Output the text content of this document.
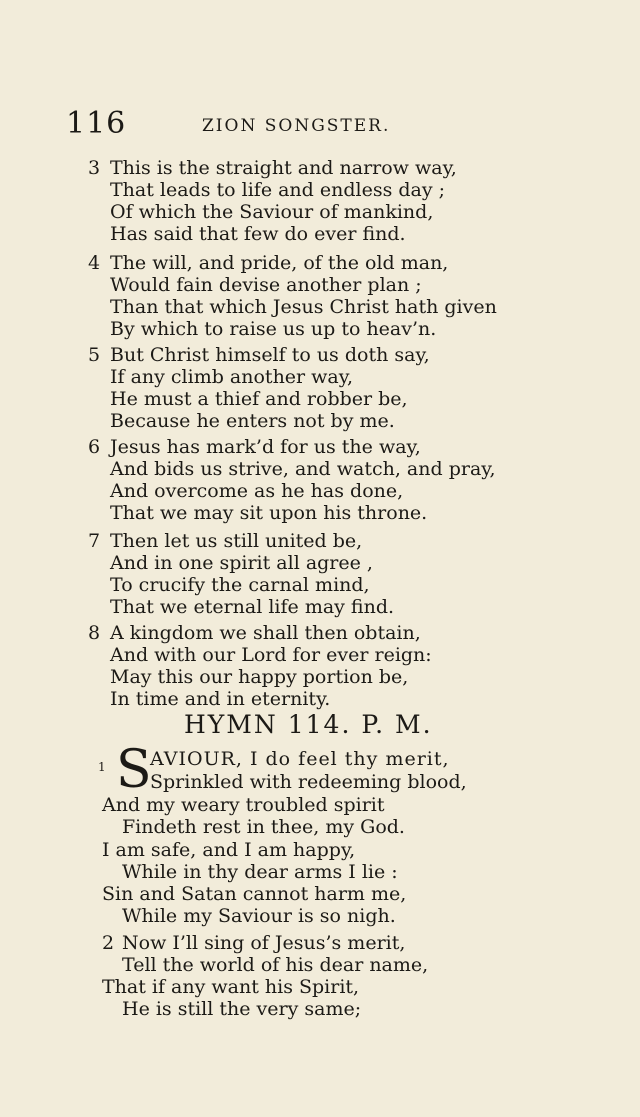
116	ZION SONGSTER.
3 This is the straight and narrow way,
That leads to life and endless day ;
Of which the Saviour of mankind,
Has said that few do ever find.
4 The will, and pride, of the old man,
Would fain devise another plan ;
Than that which Jesus Christ hath given
By which to raise us up to heav’n.
5 But Christ himself to us doth say,
If any climb another way,
He must a thief and robber be,
Because he enters not by me.
6 Jesus has mark’d for us the way,
And bids us strive, and watch, and pray,
And overcome as he has done,
That we may sit upon his throne.
7 Then let us still united be,
And in one spirit all agree ,
To crucify the carnal mind,
That we eternal life may find.
8 A kingdom we shall then obtain,
And with our Lord for ever reign:
May this our happy portion be,
In time and in eternity.
HYMN 114. P. M.
1 S
AVIOUR, I do feel thy merit,
Sprinkled with redeeming blood,
And my weary troubled spirit
Findeth rest in thee, my God.
I am safe, and I am happy,
While in thy dear arms I lie :
Sin and Satan cannot harm me,
While my Saviour is so nigh.
2 Now I’ll sing of Jesus’s merit,
Tell the world of his dear name,
That if any want his Spirit,
He is still the very same;
